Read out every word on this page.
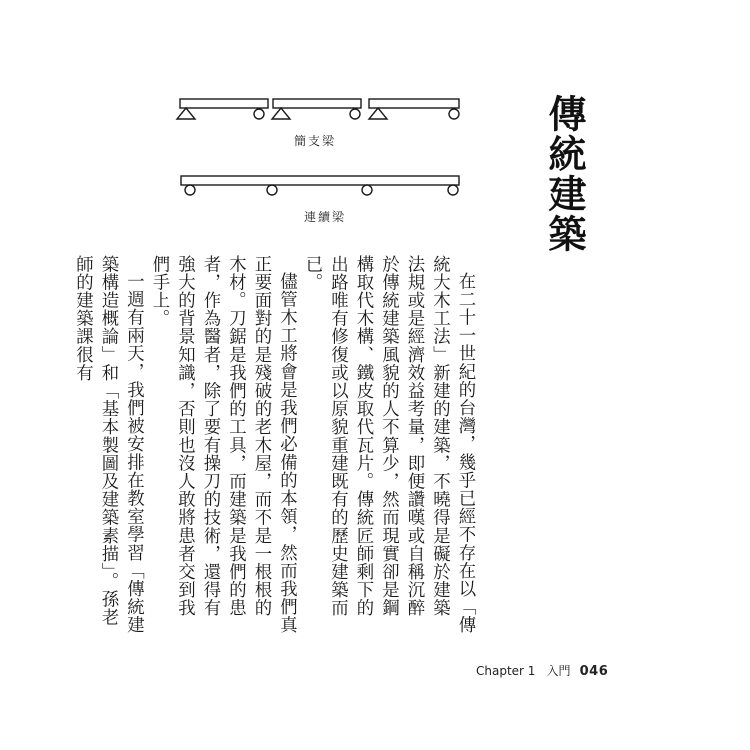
傳統建築
簡支梁
連續梁

在二十一世紀的台灣，幾乎已經不存在以「傳統大木工法」新建的建築，不曉得是礙於建築法規或是經濟效益考量，即便讚嘆或自稱沉醉於傳統建築風貌的人不算少，然而現實卻是鋼構取代木構、鐵皮取代瓦片。傳統匠師剩下的出路唯有修復或以原貌重建既有的歷史建築而已。

儘管木工將會是我們必備的本領，然而我們真正要面對的是殘破的老木屋，而不是一根根的木材。刀鋸是我們的工具，而建築是我們的患者，作為醫者，除了要有操刀的技術，還得有強大的背景知識，否則也沒人敢將患者交到我們手上。

一週有兩天，我們被安排在教室學習「傳統建築構造概論」和「基本製圖及建築素描」。孫老師的建築課很有

Chapter 1 入門 046
